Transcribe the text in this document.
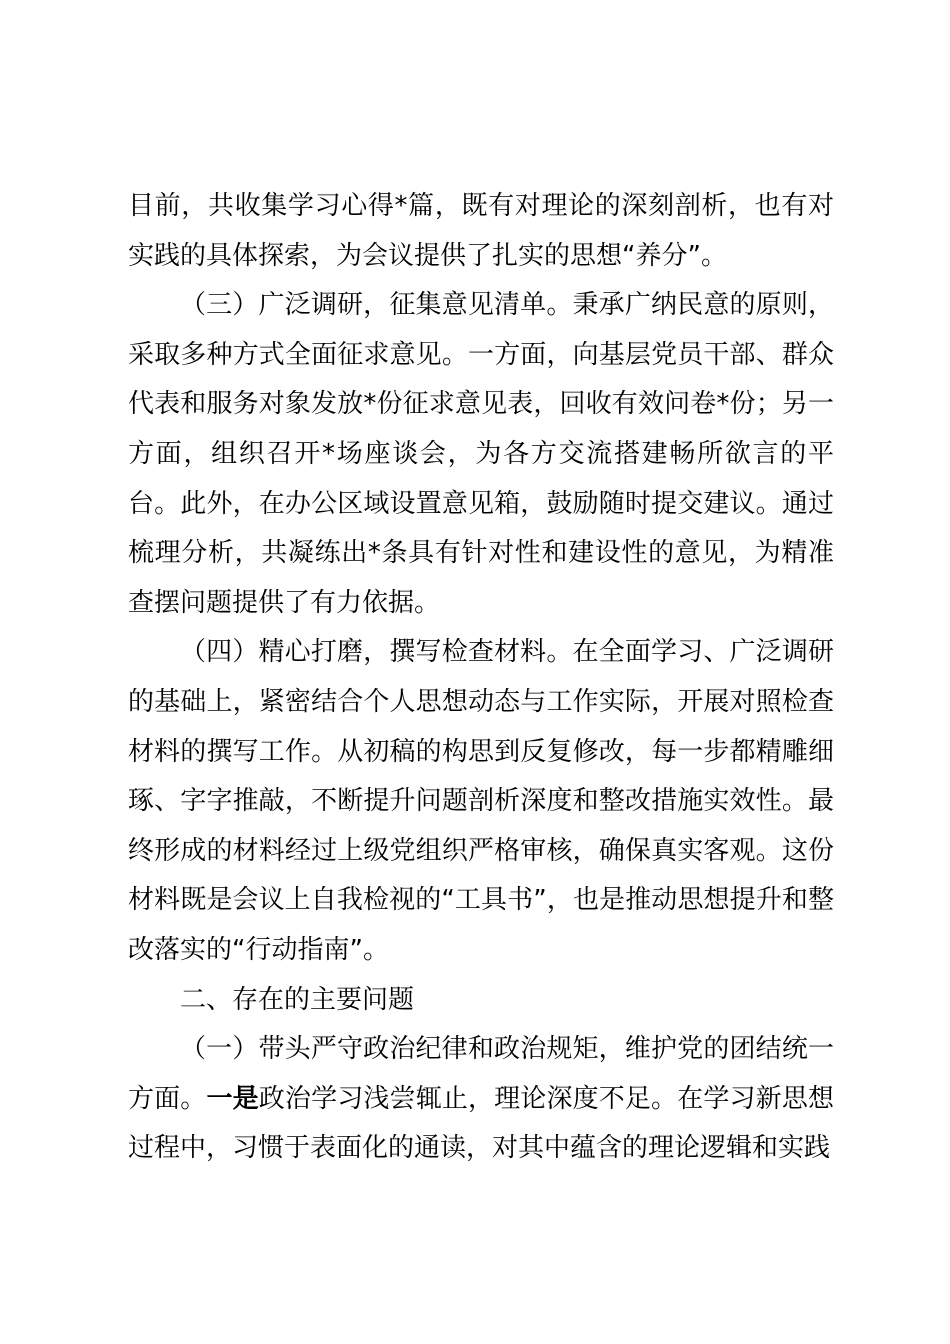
目前，共收集学习心得*篇，既有对理论的深刻剖析，也有对实践的具体探索，为会议提供了扎实的思想“养分”。

（三）广泛调研，征集意见清单。秉承广纳民意的原则，采取多种方式全面征求意见。一方面，向基层党员干部、群众代表和服务对象发放*份征求意见表，回收有效问卷*份；另一方面，组织召开*场座谈会，为各方交流搭建畅所欲言的平台。此外，在办公区域设置意见箱，鼓励随时提交建议。通过梳理分析，共凝练出*条具有针对性和建设性的意见，为精准查摆问题提供了有力依据。

（四）精心打磨，撰写检查材料。在全面学习、广泛调研的基础上，紧密结合个人思想动态与工作实际，开展对照检查材料的撰写工作。从初稿的构思到反复修改，每一步都精雕细琢、字字推敲，不断提升问题剖析深度和整改措施实效性。最终形成的材料经过上级党组织严格审核，确保真实客观。这份材料既是会议上自我检视的“工具书”，也是推动思想提升和整改落实的“行动指南”。

二、存在的主要问题

（一）带头严守政治纪律和政治规矩，维护党的团结统一方面。一是政治学习浅尝辄止，理论深度不足。在学习新思想过程中，习惯于表面化的通读，对其中蕴含的理论逻辑和实践
